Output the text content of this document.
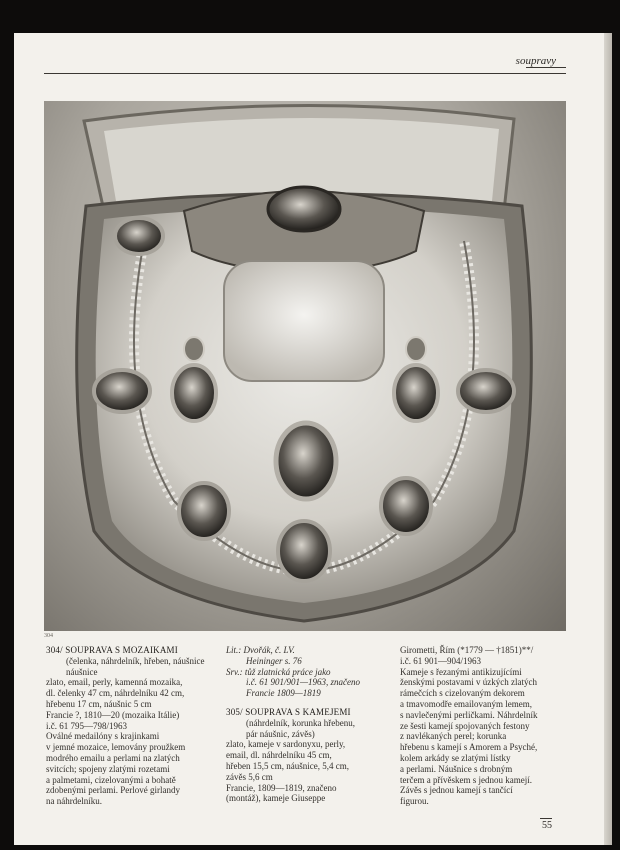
soupravy
304

304/ SOUPRAVA S MOZAIKAMI

(čelenka, náhrdelník, hřeben, náušnice

náušnice

zlato, email, perly, kamenná mozaika,

dl. čelenky 47 cm, náhrdelníku 42 cm,

hřebenu 17 cm, náušnic 5 cm

Francie ?, 1810—20 (mozaika Itálie)

i.č. 61 795—798/1963

Oválné medailóny s krajinkami

v jemné mozaice, lemovány proužkem

modrého emailu a perlami na zlatých

svitcích; spojeny zlatými rozetami

a palmetami, cizelovanými a bohatě

zdobenými perlami. Perlové girlandy

na náhrdelníku.

Lit.: Dvořák, č. LV.

Heininger s. 76

Srv.: tůž zlatnická práce jako

i.č. 61 901/901—1963, značeno

Francie 1809—1819

305/ SOUPRAVA S KAMEJEMI

(náhrdelník, korunka hřebenu,

pár náušnic, závěs)

zlato, kameje v sardonyxu, perly,

email, dl. náhrdelníku 45 cm,

hřeben 15,5 cm, náušnice, 5,4 cm,

závěs 5,6 cm

Francie, 1809—1819, značeno

(montáž), kameje Giuseppe

Girometti, Řím (*1779 — †1851)**/

i.č. 61 901—904/1963

Kameje s řezanými antikizujícími

ženskými postavami v úzkých zlatých

rámečcích s cizelovaným dekorem

a tmavomodře emailovaným lemem,

s navlečenými perličkami. Náhrdelník

ze šesti kamejí spojovaných festony

z navlékaných perel; korunka

hřebenu s kamejí s Amorem a Psyché,

kolem arkády se zlatými lístky

a perlami. Náušnice s drobným

terčem a přívěskem s jednou kamejí.

Závěs s jednou kamejí s tančící

figurou.

55
